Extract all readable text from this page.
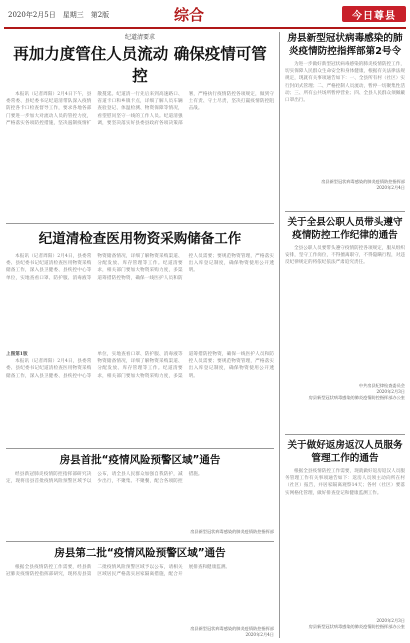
2020年2月5日　星期三　第2版	综合	今日尊县

纪道清要求

再加力度管住人员流动 确保疫情可管控

本报讯（记者周阳）2月4日下午，县委常委、县纪委书记纪道清带队深入疫情防控各卡口检查督导工作，要求各地各部门要进一步加大对流动人员的管控力度，严格落实各项防控措施，坚决遏制疫情扩散蔓延。纪道清一行先后来到高速路口、省道卡口和乡镇卡点，详细了解人员车辆查验登记、体温检测、物资保障等情况，看望慰问坚守一线的工作人员。纪道清强调，要坚决落实好县委县政府各项决策部署，严格执行疫情防控各项规定，做到守土有责、守土尽责，坚决打赢疫情防控阻击战。

纪道清检查医用物资采购储备工作

本报讯（记者周阳）2月4日，县委常委、县纪委书记纪道清检查医用物资采购储备工作，深入县卫健委、县疾控中心等单位，实地查看口罩、防护服、消毒液等物资储备情况，详细了解物资采购渠道、分配发放、库存管理等工作。纪道清要求，相关部门要加大物资采购力度，多渠道筹措防控物资，确保一线医护人员和防控人员需要；要规范物资管理，严格落实出入库登记制度，确保物资使用公开透明。

上图第1版

本报讯（记者周阳）2月4日，县委常委、县纪委书记纪道清检查医用物资采购储备工作，深入县卫健委、县疾控中心等单位，实地查看口罩、防护服、消毒液等物资储备情况，详细了解物资采购渠道、分配发放、库存管理等工作。纪道清要求，相关部门要加大物资采购力度，多渠道筹措防控物资，确保一线医护人员和防控人员需要；要规范物资管理，严格落实出入库登记制度，确保物资使用公开透明。

房县首批“疫情风险预警区域”通告

经县新冠肺炎疫情防控指挥部研究决定，现将房县首批疫情风险预警区域予以公布，请全县人民群众加强自我防护，减少出行，不聚集、不聚餐，配合各项防控措施。

房县新型冠状病毒感染的肺炎疫情防控指挥部

房县第二批“疫情风险预警区域”通告

根据全县疫情防控工作需要，经县新冠肺炎疫情防控指挥部研究，现将房县第二批疫情风险预警区域予以公布，请相关区域居民严格落实居家隔离措施，配合开展排查和健康监测。

房县新型冠状病毒感染的肺炎疫情防控指挥部

2020年2月4日

房县新型冠状病毒感染的肺炎疫情防控指挥部第2号令

为进一步做好新型冠状病毒感染的肺炎疫情防控工作，切实保障人民群众生命安全和身体健康，根据有关法律法规规定，现就有关事项通告如下：一、全县所有村（社区）实行封闭式管理；二、严格控制人员流动，暂停一切聚集性活动；三、所有公共场所暂停营业；四、全县人民群众须佩戴口罩出行。

房县新型冠状病毒感染的肺炎疫情防控指挥部

2020年2月4日

关于全县公职人员带头遵守疫情防控工作纪律的通告

全县公职人员要带头遵守疫情防控各项规定，服从组织安排，坚守工作岗位，不得擅离职守，不得隐瞒行程，对违反纪律规定的将依纪依法严肃追究责任。

中共房县纪律检查委员会

2020年2月3日

房县新型冠状病毒感染的肺炎疫情防控指挥部办公室

关于做好返房返汉人员服务管理工作的通告

根据全县疫情防控工作需要，现就做好返房返汉人员服务管理工作有关事项通告如下：返房人员须主动向所在村（社区）报告，并居家隔离观察14天；各村（社区）要落实网格化管理，做好排查登记和健康监测工作。

2020年2月3日

房县新型冠状病毒感染的肺炎疫情防控指挥部办公室
